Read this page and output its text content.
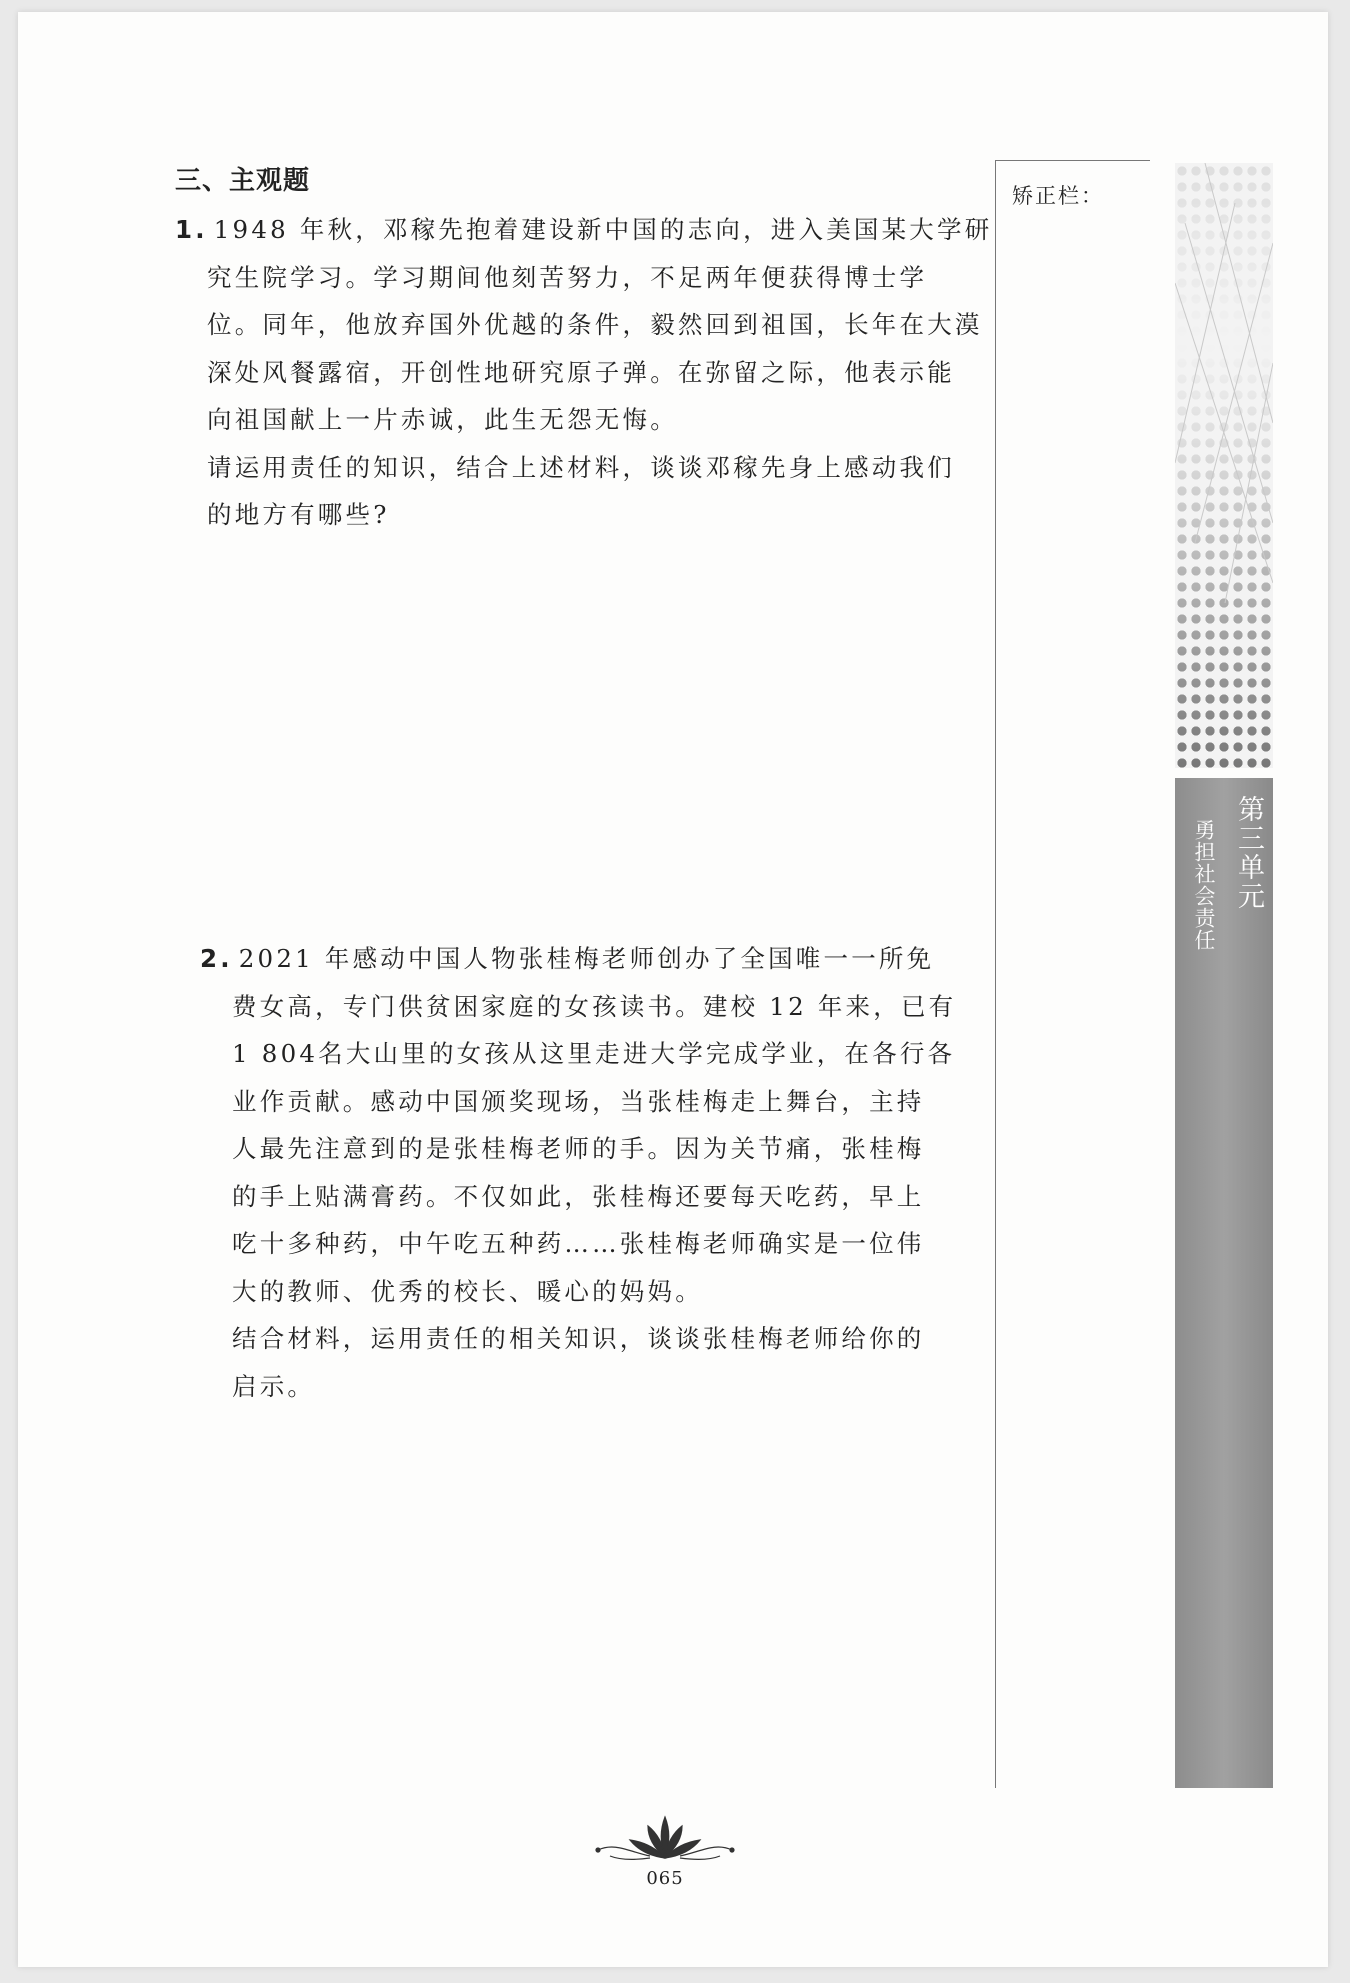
三、主观题
1. 1948 年秋，邓稼先抱着建设新中国的志向，进入美国某大学研
究生院学习。学习期间他刻苦努力，不足两年便获得博士学
位。同年，他放弃国外优越的条件，毅然回到祖国，长年在大漠
深处风餐露宿，开创性地研究原子弹。在弥留之际，他表示能
向祖国献上一片赤诚，此生无怨无悔。
请运用责任的知识，结合上述材料，谈谈邓稼先身上感动我们
的地方有哪些?
2. 2021 年感动中国人物张桂梅老师创办了全国唯一一所免
费女高，专门供贫困家庭的女孩读书。建校 12 年来，已有
1 804名大山里的女孩从这里走进大学完成学业，在各行各
业作贡献。感动中国颁奖现场，当张桂梅走上舞台，主持
人最先注意到的是张桂梅老师的手。因为关节痛，张桂梅
的手上贴满膏药。不仅如此，张桂梅还要每天吃药，早上
吃十多种药，中午吃五种药……张桂梅老师确实是一位伟
大的教师、优秀的校长、暖心的妈妈。
结合材料，运用责任的相关知识，谈谈张桂梅老师给你的
启示。
矫正栏：
第三单元
勇担社会责任
065
